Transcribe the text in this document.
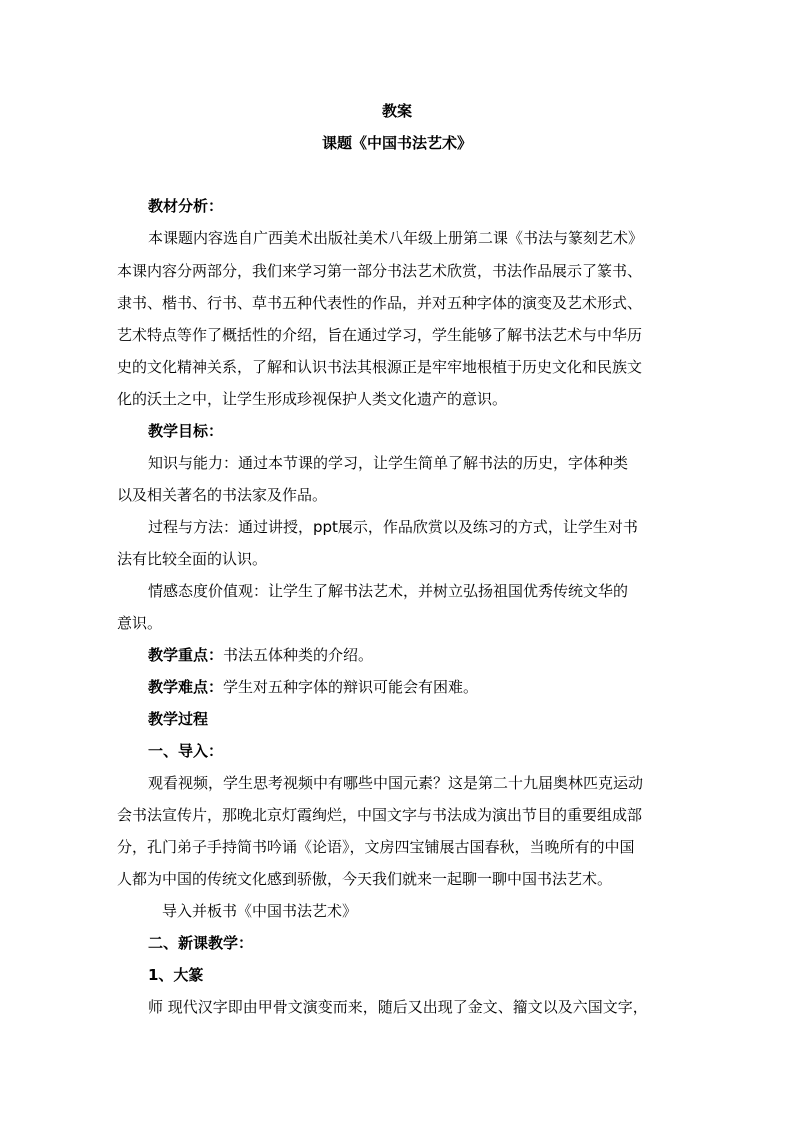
教案
课题《中国书法艺术》
教材分析：
本课题内容选自广西美术出版社美术八年级上册第二课《书法与篆刻艺术》
本课内容分两部分，我们来学习第一部分书法艺术欣赏，书法作品展示了篆书、
隶书、楷书、行书、草书五种代表性的作品，并对五种字体的演变及艺术形式、
艺术特点等作了概括性的介绍，旨在通过学习，学生能够了解书法艺术与中华历
史的文化精神关系，了解和认识书法其根源正是牢牢地根植于历史文化和民族文
化的沃土之中，让学生形成珍视保护人类文化遗产的意识。
教学目标：
知识与能力：通过本节课的学习，让学生简单了解书法的历史，字体种类
以及相关著名的书法家及作品。
过程与方法：通过讲授，ppt展示，作品欣赏以及练习的方式，让学生对书
法有比较全面的认识。
情感态度价值观：让学生了解书法艺术，并树立弘扬祖国优秀传统文华的
意识。
教学重点：书法五体种类的介绍。
教学难点：学生对五种字体的辩识可能会有困难。
教学过程
一、导入：
观看视频，学生思考视频中有哪些中国元素？这是第二十九届奥林匹克运动
会书法宣传片，那晚北京灯霞绚烂，中国文字与书法成为演出节目的重要组成部
分，孔门弟子手持简书吟诵《论语》，文房四宝铺展古国春秋，当晚所有的中国
人都为中国的传统文化感到骄傲，今天我们就来一起聊一聊中国书法艺术。
导入并板书《中国书法艺术》
二、新课教学：
1、大篆
师 现代汉字即由甲骨文演变而来，随后又出现了金文、籀文以及六国文字，
